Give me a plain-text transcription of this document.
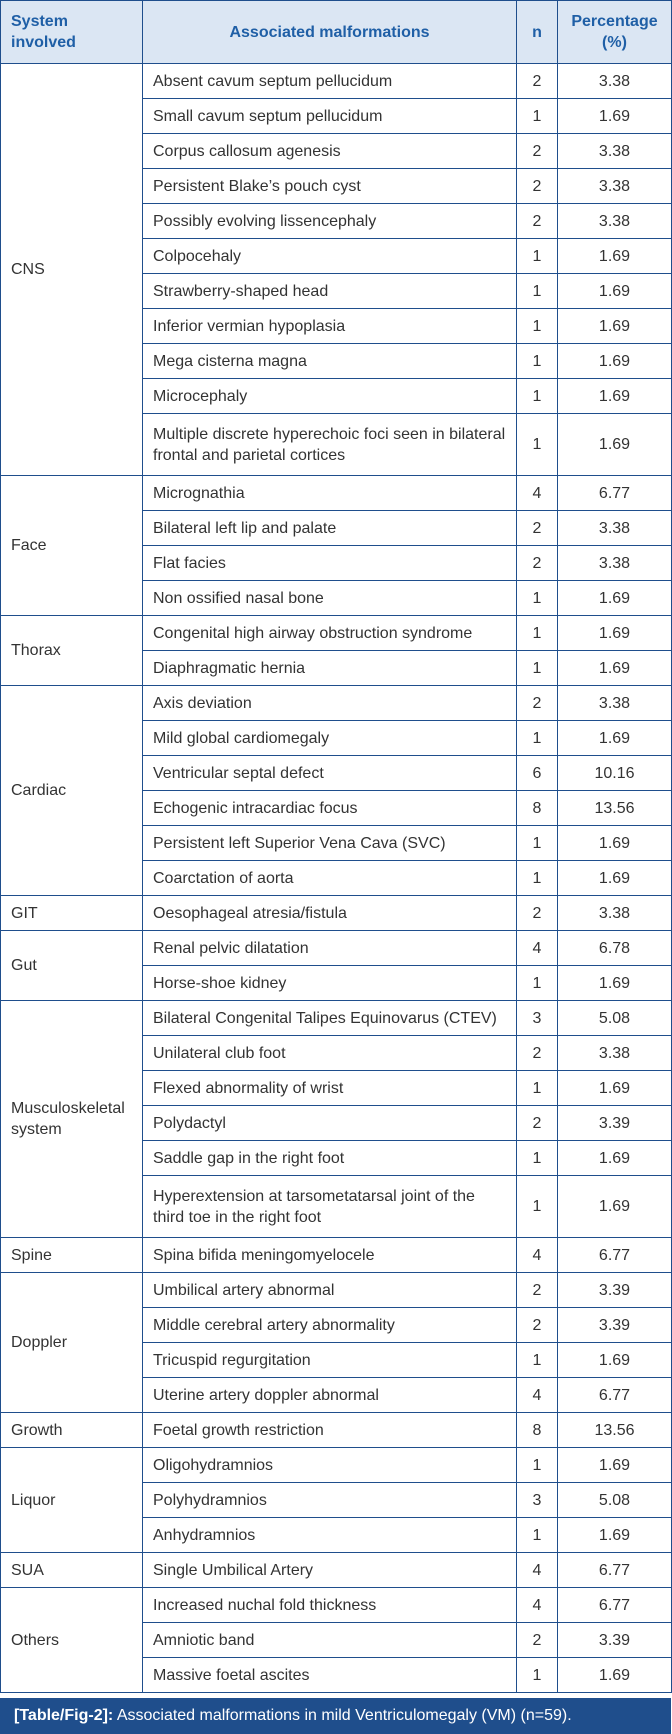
System involved	Associated malformations	n	Percentage (%)
CNS	Absent cavum septum pellucidum	2	3.38
	Small cavum septum pellucidum	1	1.69
	Corpus callosum agenesis	2	3.38
	Persistent Blake’s pouch cyst	2	3.38
	Possibly evolving lissencephaly	2	3.38
	Colpocehaly	1	1.69
	Strawberry-shaped head	1	1.69
	Inferior vermian hypoplasia	1	1.69
	Mega cisterna magna	1	1.69
	Microcephaly	1	1.69
	Multiple discrete hyperechoic foci seen in bilateral frontal and parietal cortices	1	1.69
Face	Micrognathia	4	6.77
	Bilateral left lip and palate	2	3.38
	Flat facies	2	3.38
	Non ossified nasal bone	1	1.69
Thorax	Congenital high airway obstruction syndrome	1	1.69
	Diaphragmatic hernia	1	1.69
Cardiac	Axis deviation	2	3.38
	Mild global cardiomegaly	1	1.69
	Ventricular septal defect	6	10.16
	Echogenic intracardiac focus	8	13.56
	Persistent left Superior Vena Cava (SVC)	1	1.69
	Coarctation of aorta	1	1.69
GIT	Oesophageal atresia/fistula	2	3.38
Gut	Renal pelvic dilatation	4	6.78
	Horse-shoe kidney	1	1.69
Musculoskeletal system	Bilateral Congenital Talipes Equinovarus (CTEV)	3	5.08
	Unilateral club foot	2	3.38
	Flexed abnormality of wrist	1	1.69
	Polydactyl	2	3.39
	Saddle gap in the right foot	1	1.69
	Hyperextension at tarsometatarsal joint of the third toe in the right foot	1	1.69
Spine	Spina bifida meningomyelocele	4	6.77
Doppler	Umbilical artery abnormal	2	3.39
	Middle cerebral artery abnormality	2	3.39
	Tricuspid regurgitation	1	1.69
	Uterine artery doppler abnormal	4	6.77
Growth	Foetal growth restriction	8	13.56
Liquor	Oligohydramnios	1	1.69
	Polyhydramnios	3	5.08
	Anhydramnios	1	1.69
SUA	Single Umbilical Artery	4	6.77
Others	Increased nuchal fold thickness	4	6.77
	Amniotic band	2	3.39
	Massive foetal ascites	1	1.69
[Table/Fig-2]: Associated malformations in mild Ventriculomegaly (VM) (n=59).
